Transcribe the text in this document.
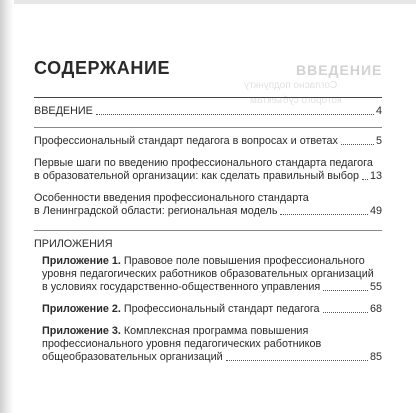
ВВЕДЕНИЕ
Согласно подпункту
которого субъектам
СОДЕРЖАНИЕ
ВВЕДЕНИЕ	4
Профессиональный стандарт педагога в вопросах и ответах	5
Первые шаги по введению профессионального стандарта педагога
в образовательной организации: как сделать правильный выбор 13
Особенности введения профессионального стандарта
в Ленинградской области: региональная модель	49
ПРИЛОЖЕНИЯ
Приложение 1. Правовое поле повышения профессионального
уровня педагогических работников образовательных организаций
в условиях государственно-общественного управления	55
Приложение 2. Профессиональный стандарт педагога	68
Приложение 3. Комплексная программа повышения
профессионального уровня педагогических работников
общеобразовательных организаций	85
